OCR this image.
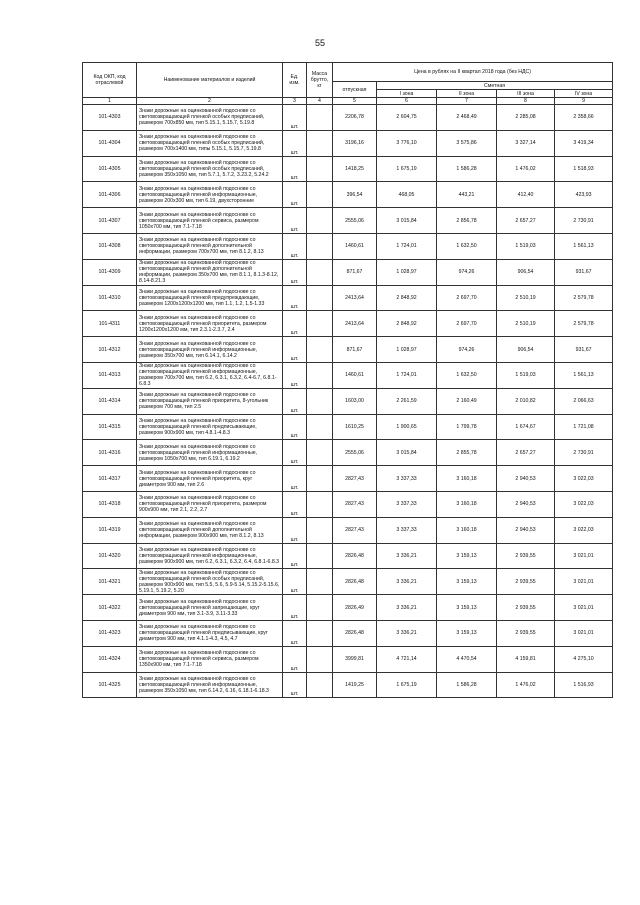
55
Код ОКП, код отраслевой	Наименование материалов и изделий	Ед. изм.	Масса брутто, кг	Цена в рублях на II квартал 2018 года (без НДС)				
				отпускная	Сметная			
					I зона	II зона	III зона	IV зона
1	2	3	4	5	6	7	8	9
101-4303	Знаки дорожные на оцинкованной подоснове со световозвращающей пленкой особых предписаний, размером 700х850 мм, тип 5.15.1, 5.15.7, 5.19.8	шт.		2206,78	2 604,75	2 468,49	2 285,08	2 358,66
101-4304	Знаки дорожные на оцинкованной подоснове со световозвращающей пленкой особых предписаний, размером 700х1400 мм, типы 5.15.1, 5.15.7, 5.19.8	шт.		3196,16	3 776,10	3 575,86	3 327,14	3 419,34
101-4305	Знаки дорожные на оцинкованной подоснове со световозвращающей пленкой особых предписаний, размером 350х1050 мм, тип 5.7.1, 5.7.2, 3.23.2, 5.24.2	шт.		1418,25	1 675,19	1 586,28	1 476,02	1 518,93
101-4306	Знаки дорожные на оцинкованной подоснове со световозвращающей пленкой информационные, размером 200х300 мм, тип 6.19, двухсторонние	шт.		396,54	468,05	443,21	412,40	423,93
101-4307	Знаки дорожные на оцинкованной подоснове со световозвращающей пленкой сервиса, размером 1050х700 мм, тип 7.1-7.18	шт.		2555,06	3 015,84	2 856,78	2 657,27	2 730,91
101-4308	Знаки дорожные на оцинкованной подоснове со световозвращающей пленкой дополнительной информации, размером 700х700 мм, тип 8.1.2, 8.13	шт.		1460,61	1 724,01	1 632,50	1 519,03	1 561,13
101-4309	Знаки дорожные на оцинкованной подоснове со световозвращающей пленкой дополнительной информации, размером 350х700 мм, тип 8.1.1, 8.1.3-8.12, 8.14-8.21.3	шт.		871,67	1 028,97	974,26	906,54	931,67
101-4310	Знаки дорожные на оцинкованной подоснове со световозвращающей пленкой предупреждающие, размером 1200х1200х1200 мм, тип 1.1, 1.2, 1.5-1.33	шт.		2413,64	2 848,92	2 697,70	2 510,19	2 579,78
101-4311	Знаки дорожные на оцинкованной подоснове со световозвращающей пленкой приоритета, размером 1200х1200х1200 мм, тип 2.3.1-2.3.7, 2.4	шт.		2413,64	2 848,92	2 697,70	2 510,19	2 579,78
101-4312	Знаки дорожные на оцинкованной подоснове со световозвращающей пленкой информационные, размером 350х700 мм, тип 6.14.1, 6.14.2	шт.		871,67	1 028,97	974,26	906,54	931,67
101-4313	Знаки дорожные на оцинкованной подоснове со световозвращающей пленкой информационные, размером 700х700 мм, тип 6.2, 6.3.1, 6.3.2, 6.4-6.7, 6.8.1-6.8.3	шт.		1460,61	1 724,01	1 632,50	1 519,03	1 561,13
101-4314	Знаки дорожные на оцинкованной подоснове со световозвращающей пленкой приоритета, 8-угольник размером 700 мм, тип 2.5	шт.		1603,00	2 261,59	2 160,49	2 010,82	2 066,63
101-4315	Знаки дорожные на оцинкованной подоснове со световозвращающей пленкой предписывающие, размером 900х900 мм, тип 4.8.1-4.8.3	шт.		1610,25	1 900,65	1 799,78	1 674,67	1 721,08
101-4316	Знаки дорожные на оцинкованной подоснове со световозвращающей пленкой информационные, размером 1050х700 мм, тип 6.19.1, 6.19.2	шт.		2555,06	3 015,84	2 855,78	2 657,27	2 730,91
101-4317	Знаки дорожные на оцинкованной подоснове со световозвращающей пленкой приоритета, круг диаметром 900 мм, тип 2.6	шт.		2827,43	3 337,33	3 160,18	2 940,53	3 022,03
101-4318	Знаки дорожные на оцинкованной подоснове со световозвращающей пленкой приоритета, размером 900х900 мм, тип 2.1, 2.2, 2.7	шт.		2827,43	3 337,33	3 160,18	2 940,53	3 022,03
101-4319	Знаки дорожные на оцинкованной подоснове со световозвращающей пленкой дополнительной информации, размером 900х900 мм, тип 8.1.2, 8.13	шт.		2827,43	3 337,33	3 160,18	2 940,53	3 022,03
101-4320	Знаки дорожные на оцинкованной подоснове со световозвращающей пленкой информационные, размером 900х900 мм, тип 6.2, 6.3.1, 6.3.2, 6.4, 6.8.1-6.8.3	шт.		2826,48	3 336,21	3 159,13	2 939,55	3 021,01
101-4321	Знаки дорожные на оцинкованной подоснове со световозвращающей пленкой особых предписаний, размером 900х900 мм, тип 5.5, 5.6, 5.9-5.14, 5.15.2-5.15.6, 5.19.1, 5.19.2, 5.20	шт.		2826,48	3 336,21	3 159,13	2 939,55	3 021,01
101-4322	Знаки дорожные на оцинкованной подоснове со световозвращающей пленкой запрещающие, круг диаметром 900 мм, тип 3.1-3.9, 3.11-3.33	шт.		2826,49	3 336,21	3 159,13	2 939,55	3 021,01
101-4323	Знаки дорожные на оцинкованной подоснове со световозвращающей пленкой предписывающие, круг диаметром 900 мм, тип 4.1.1-4.3, 4.5, 4.7	шт.		2826,48	3 336,21	3 159,13	2 939,55	3 021,01
101-4324	Знаки дорожные на оцинкованной подоснове со световозвращающей пленкой сервиса, размером 1350х900 мм, тип 7.1-7.18	шт.		3999,81	4 721,14	4 470,54	4 159,81	4 275,10
101-4325	Знаки дорожные на оцинкованной подоснове со световозвращающей пленкой информационные, размером 350х1050 мм, тип 6.14.2, 6.16, 6.18.1-6.18.3	шт.		1419,25	1 675,19	1 586,28	1 476,02	1 516,93
